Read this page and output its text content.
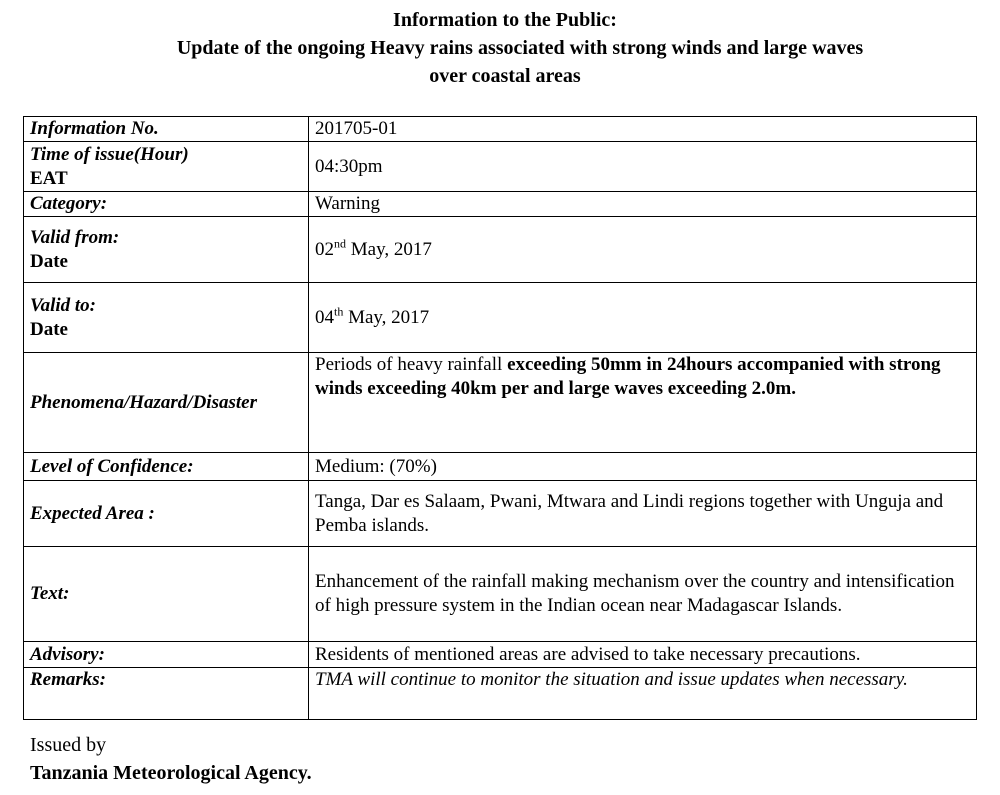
Information to the Public:
Update of the ongoing Heavy rains associated with strong winds and large waves
over coastal areas
Information No.	201705-01

Time of issue(Hour)
EAT	04:30pm
Category:	Warning

Valid from:
Date	02nd May, 2017

Valid to:
Date	04th May, 2017
Phenomena/Hazard/Disaster	Periods of heavy rainfall exceeding 50mm in 24hours accompanied with strong winds exceeding 40km per and large waves exceeding 2.0m.
Level of Confidence:	Medium: (70%)
Expected Area :	Tanga, Dar es Salaam, Pwani, Mtwara and Lindi regions together with Unguja and Pemba islands.
Text:	Enhancement of the rainfall making mechanism over the country and intensification of high pressure system in the Indian ocean near Madagascar Islands.
Advisory:	Residents of mentioned areas are advised to take necessary precautions.
Remarks:	TMA will continue to monitor the situation and issue updates when necessary.
Issued by
Tanzania Meteorological Agency.
